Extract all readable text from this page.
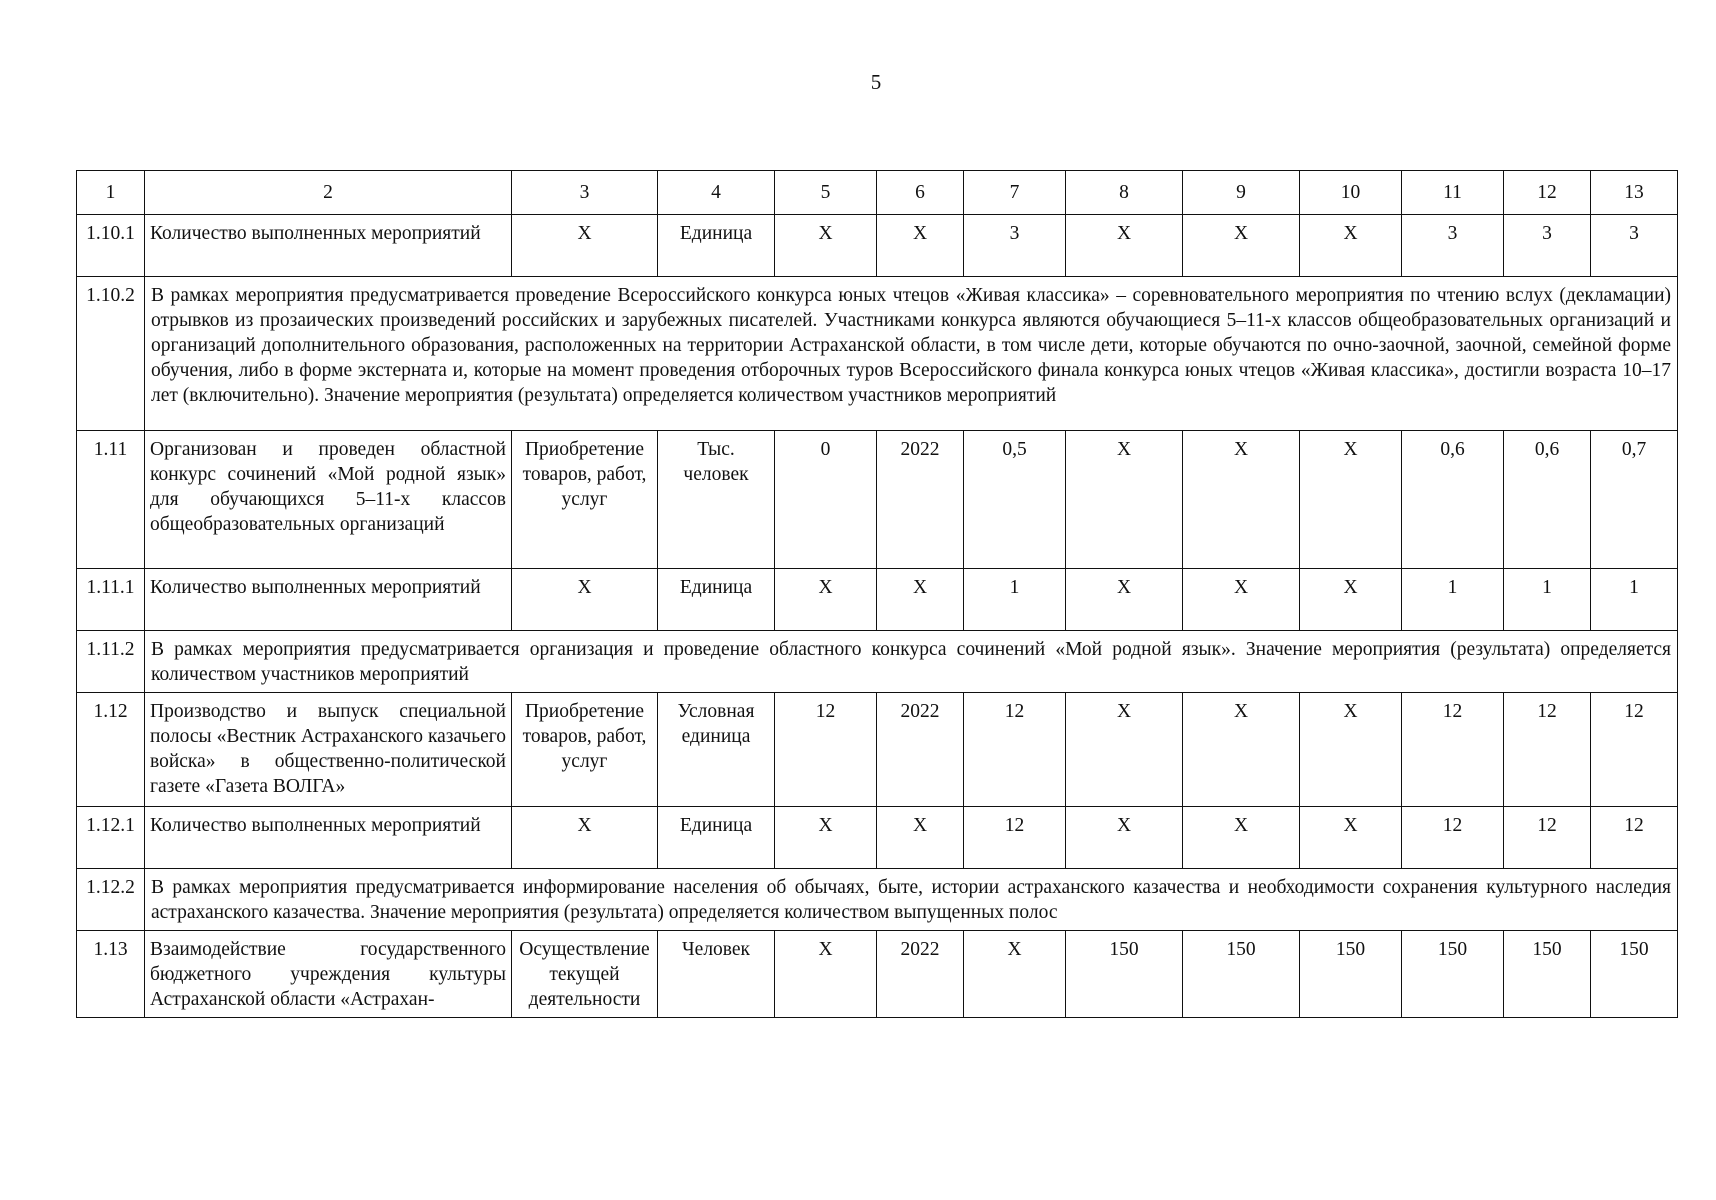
5
1	2	3	4	5	6	7	8	9	10	11	12	13
1.10.1	Количество выполненных мероприятий	X	Единица	X	X	3	X	X	X	3	3	3
1.10.2	В рамках мероприятия предусматривается проведение Всероссийского конкурса юных чтецов «Живая классика» – соревновательного мероприятия по чтению вслух (декламации) отрывков из прозаических произведений российских и зарубежных писателей. Участниками конкурса являются обучающиеся 5–11-х классов общеобразовательных организаций и организаций дополнительного образования, расположенных на территории Астраханской области, в том числе дети, которые обучаются по очно-заочной, заочной, семейной форме обучения, либо в форме экстерната и, которые на момент проведения отборочных туров Всероссийского финала конкурса юных чтецов «Живая классика», достигли возраста 10–17 лет (включительно). Значение мероприятия (результата) определяется количеством участников мероприятий											
1.11	Организован и проведен областной конкурс сочинений «Мой родной язык» для обучающихся 5–11-х классов общеобразовательных организаций	Приобретение товаров, работ, услуг	Тыс. человек	0	2022	0,5	X	X	X	0,6	0,6	0,7
1.11.1	Количество выполненных мероприятий	X	Единица	X	X	1	X	X	X	1	1	1
1.11.2	В рамках мероприятия предусматривается организация и проведение областного конкурса сочинений «Мой родной язык». Значение мероприятия (результата) определяется количеством участников мероприятий											
1.12	Производство и выпуск специальной полосы «Вестник Астраханского казачьего войска» в общественно-политической газете «Газета ВОЛГА»	Приобретение товаров, работ, услуг	Условная единица	12	2022	12	X	X	X	12	12	12
1.12.1	Количество выполненных мероприятий	X	Единица	X	X	12	X	X	X	12	12	12
1.12.2	В рамках мероприятия предусматривается информирование населения об обычаях, быте, истории астраханского казачества и необходимости сохранения культурного наследия астраханского казачества. Значение мероприятия (результата) определяется количеством выпущенных полос											
1.13	Взаимодействие государственного бюджетного учреждения культуры Астраханской области «Астрахан-	Осуществление текущей деятельности	Человек	X	2022	X	150	150	150	150	150	150
